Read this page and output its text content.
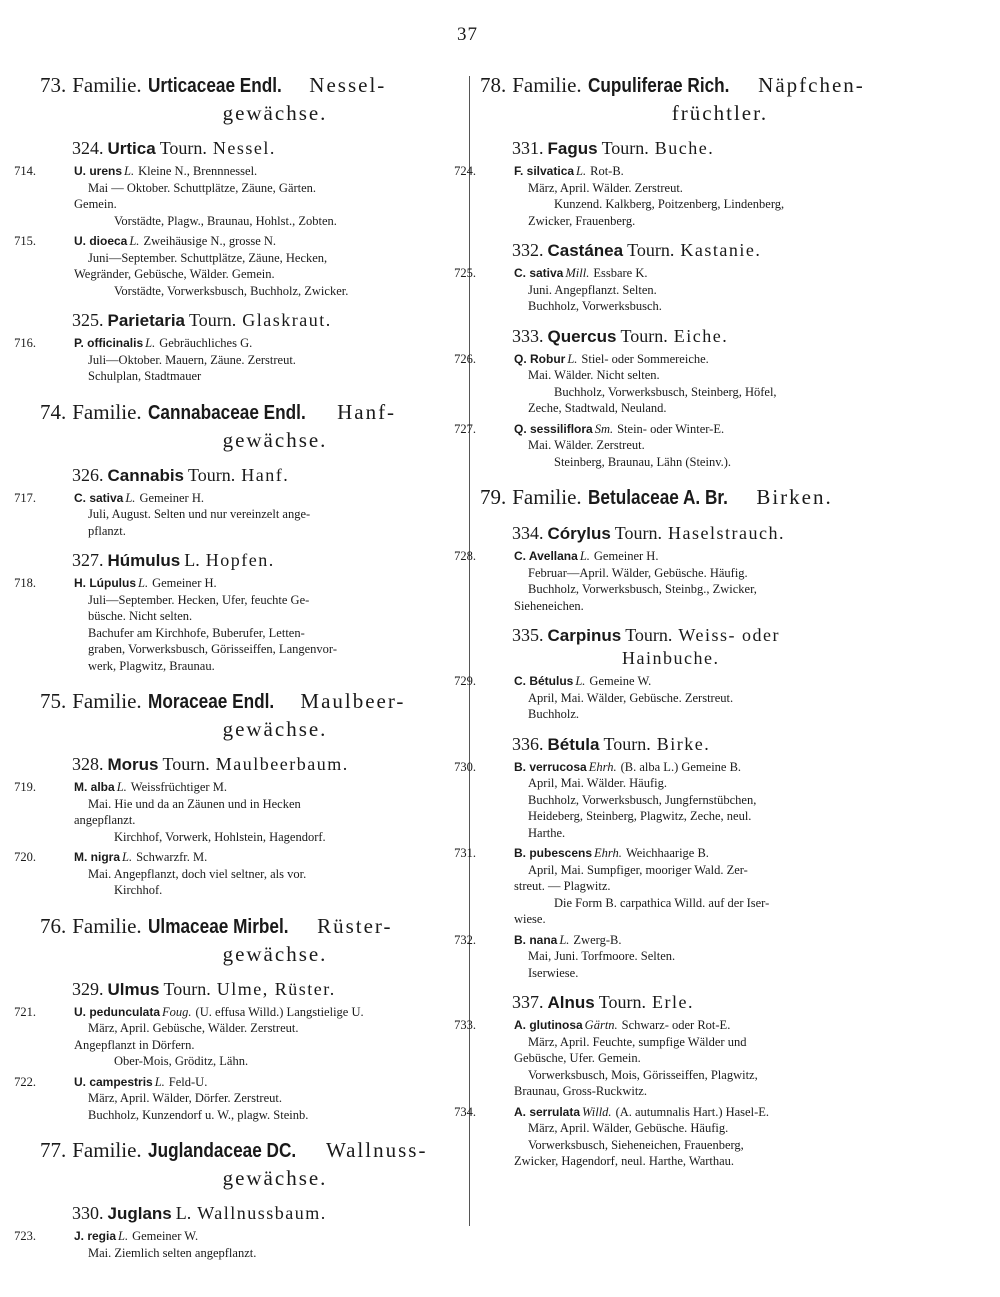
37
73. Familie. Urticaceae Endl. Nessel-
gewächse.
324. Urtica Tourn. Nessel.
714.	U. urens L. Kleine N., Brennnessel.
Mai — Oktober. Schuttplätze, Zäune, Gärten.
Gemein.
Vorstädte, Plagw., Braunau, Hohlst., Zobten.
715.	U. dioeca L. Zweihäusige N., grosse N.
Juni—September. Schuttplätze, Zäune, Hecken,
Wegränder, Gebüsche, Wälder. Gemein.
Vorstädte, Vorwerksbusch, Buchholz, Zwicker.
325. Parietaria Tourn. Glaskraut.
716.	P. officinalis L. Gebräuchliches G.
Juli—Oktober. Mauern, Zäune. Zerstreut.
Schulplan, Stadtmauer
74. Familie. Cannabaceae Endl. Hanf-
gewächse.
326. Cannabis Tourn. Hanf.
717.	C. sativa L. Gemeiner H.
Juli, August. Selten und nur vereinzelt ange-
pflanzt.
327. Húmulus L. Hopfen.
718.	H. Lúpulus L. Gemeiner H.
Juli—September. Hecken, Ufer, feuchte Ge-
büsche. Nicht selten.
Bachufer am Kirchhofe, Buberufer, Letten-
graben, Vorwerksbusch, Görisseiffen, Langenvor-
werk, Plagwitz, Braunau.
75. Familie. Moraceae Endl. Maulbeer-
gewächse.
328. Morus Tourn. Maulbeerbaum.
719.	M. alba L. Weissfrüchtiger M.
Mai. Hie und da an Zäunen und in Hecken
angepflanzt.
Kirchhof, Vorwerk, Hohlstein, Hagendorf.
720.	M. nigra L. Schwarzfr. M.
Mai. Angepflanzt, doch viel seltner, als vor.
Kirchhof.
76. Familie. Ulmaceae Mirbel. Rüster-
gewächse.
329. Ulmus Tourn. Ulme, Rüster.
721.	U. pedunculata Foug. (U. effusa Willd.) Langstielige U.
März, April. Gebüsche, Wälder. Zerstreut.
Angepflanzt in Dörfern.
Ober-Mois, Gröditz, Lähn.
722.	U. campestris L. Feld-U.
März, April. Wälder, Dörfer. Zerstreut.
Buchholz, Kunzendorf u. W., plagw. Steinb.
77. Familie. Juglandaceae DC. Wallnuss-
gewächse.
330. Juglans L. Wallnussbaum.
723.	J. regia L. Gemeiner W.
Mai. Ziemlich selten angepflanzt.
78. Familie. Cupuliferae Rich. Näpfchen-
früchtler.
331. Fagus Tourn. Buche.
724.	F. silvatica L. Rot-B.
März, April. Wälder. Zerstreut.
Kunzend. Kalkberg, Poitzenberg, Lindenberg,
Zwicker, Frauenberg.
332. Castánea Tourn. Kastanie.
725.	C. sativa Mill. Essbare K.
Juni. Angepflanzt. Selten.
Buchholz, Vorwerksbusch.
333. Quercus Tourn. Eiche.
726.	Q. Robur L. Stiel- oder Sommereiche.
Mai. Wälder. Nicht selten.
Buchholz, Vorwerksbusch, Steinberg, Höfel,
Zeche, Stadtwald, Neuland.
727.	Q. sessiliflora Sm. Stein- oder Winter-E.
Mai. Wälder. Zerstreut.
Steinberg, Braunau, Lähn (Steinv.).
79. Familie. Betulaceae A. Br. Birken.
334. Córylus Tourn. Haselstrauch.
728.	C. Avellana L. Gemeiner H.
Februar—April. Wälder, Gebüsche. Häufig.
Buchholz, Vorwerksbusch, Steinbg., Zwicker,
Sieheneichen.
335. Carpinus Tourn. Weiss- oder
Hainbuche.
729.	C. Bétulus L. Gemeine W.
April, Mai. Wälder, Gebüsche. Zerstreut.
Buchholz.
336. Bétula Tourn. Birke.
730.	B. verrucosa Ehrh. (B. alba L.) Gemeine B.
April, Mai. Wälder. Häufig.
Buchholz, Vorwerksbusch, Jungfernstübchen,
Heideberg, Steinberg, Plagwitz, Zeche, neul.
Harthe.
731.	B. pubescens Ehrh. Weichhaarige B.
April, Mai. Sumpfiger, mooriger Wald. Zer-
streut. — Plagwitz.
Die Form B. carpathica Willd. auf der Iser-
wiese.
732.	B. nana L. Zwerg-B.
Mai, Juni. Torfmoore. Selten.
Iserwiese.
337. Alnus Tourn. Erle.
733.	A. glutinosa Gärtn. Schwarz- oder Rot-E.
März, April. Feuchte, sumpfige Wälder und
Gebüsche, Ufer. Gemein.
Vorwerksbusch, Mois, Görisseiffen, Plagwitz,
Braunau, Gross-Ruckwitz.
734.	A. serrulata Willd. (A. autumnalis Hart.) Hasel-E.
März, April. Wälder, Gebüsche. Häufig.
Vorwerksbusch, Sieheneichen, Frauenberg,
Zwicker, Hagendorf, neul. Harthe, Warthau.
